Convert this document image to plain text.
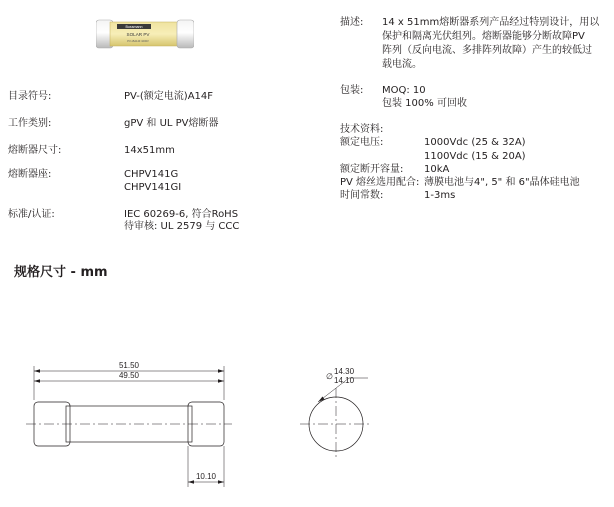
Bussmann
SOLAR PV
PV-15A14F 1000V
目录符号:	PV-(额定电流)A14F
工作类别:	gPV 和 UL PV熔断器
熔断器尺寸:	14x51mm
熔断器座:	CHPV141G
CHPV141GI
标准/认证:	IEC 60269-6, 符合RoHS
待审核: UL 2579 与 CCC
描述: 14 x 51mm熔断器系列产品经过特别设计，用以
保护和隔离光伏组列。熔断器能够分断故障PV
阵列（反向电流、多排阵列故障）产生的较低过
载电流。
包装: MOQ: 10
包装 100% 可回收
技术资料:
额定电压:	1000Vdc (25 & 32A)
1100Vdc (15 & 20A)
额定断开容量: 10kA
PV 熔丝选用配合: 薄膜电池与4", 5" 和 6"晶体硅电池
时间常数:	1-3ms
规格尺寸 - mm
51.50
49.50
10.10
∅
14.30
14.10
